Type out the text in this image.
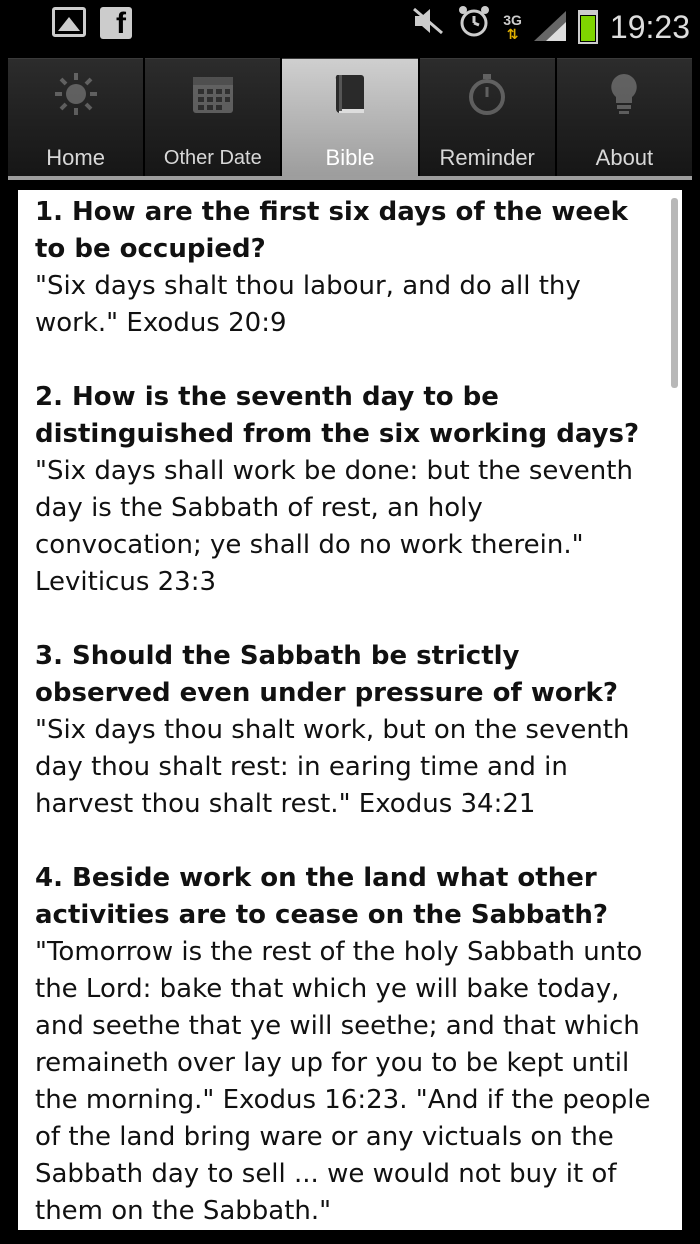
f	3G
⇅	19:23
Home	Other Date	Bible	Reminder	About
1. How are the first six days of the week to be occupied?
"Six days shalt thou labour, and do all thy work." Exodus 20:9
2. How is the seventh day to be distinguished from the six working days?
"Six days shall work be done: but the seventh day is the Sabbath of rest, an holy convocation; ye shall do no work therein." Leviticus 23:3
3. Should the Sabbath be strictly observed even under pressure of work?
"Six days thou shalt work, but on the seventh day thou shalt rest: in earing time and in harvest thou shalt rest." Exodus 34:21
4. Beside work on the land what other activities are to cease on the Sabbath?
"Tomorrow is the rest of the holy Sabbath unto the Lord: bake that which ye will bake today, and seethe that ye will seethe; and that which remaineth over lay up for you to be kept until the morning." Exodus 16:23. "And if the people of the land bring ware or any victuals on the Sabbath day to sell ... we would not buy it of them on the Sabbath."
